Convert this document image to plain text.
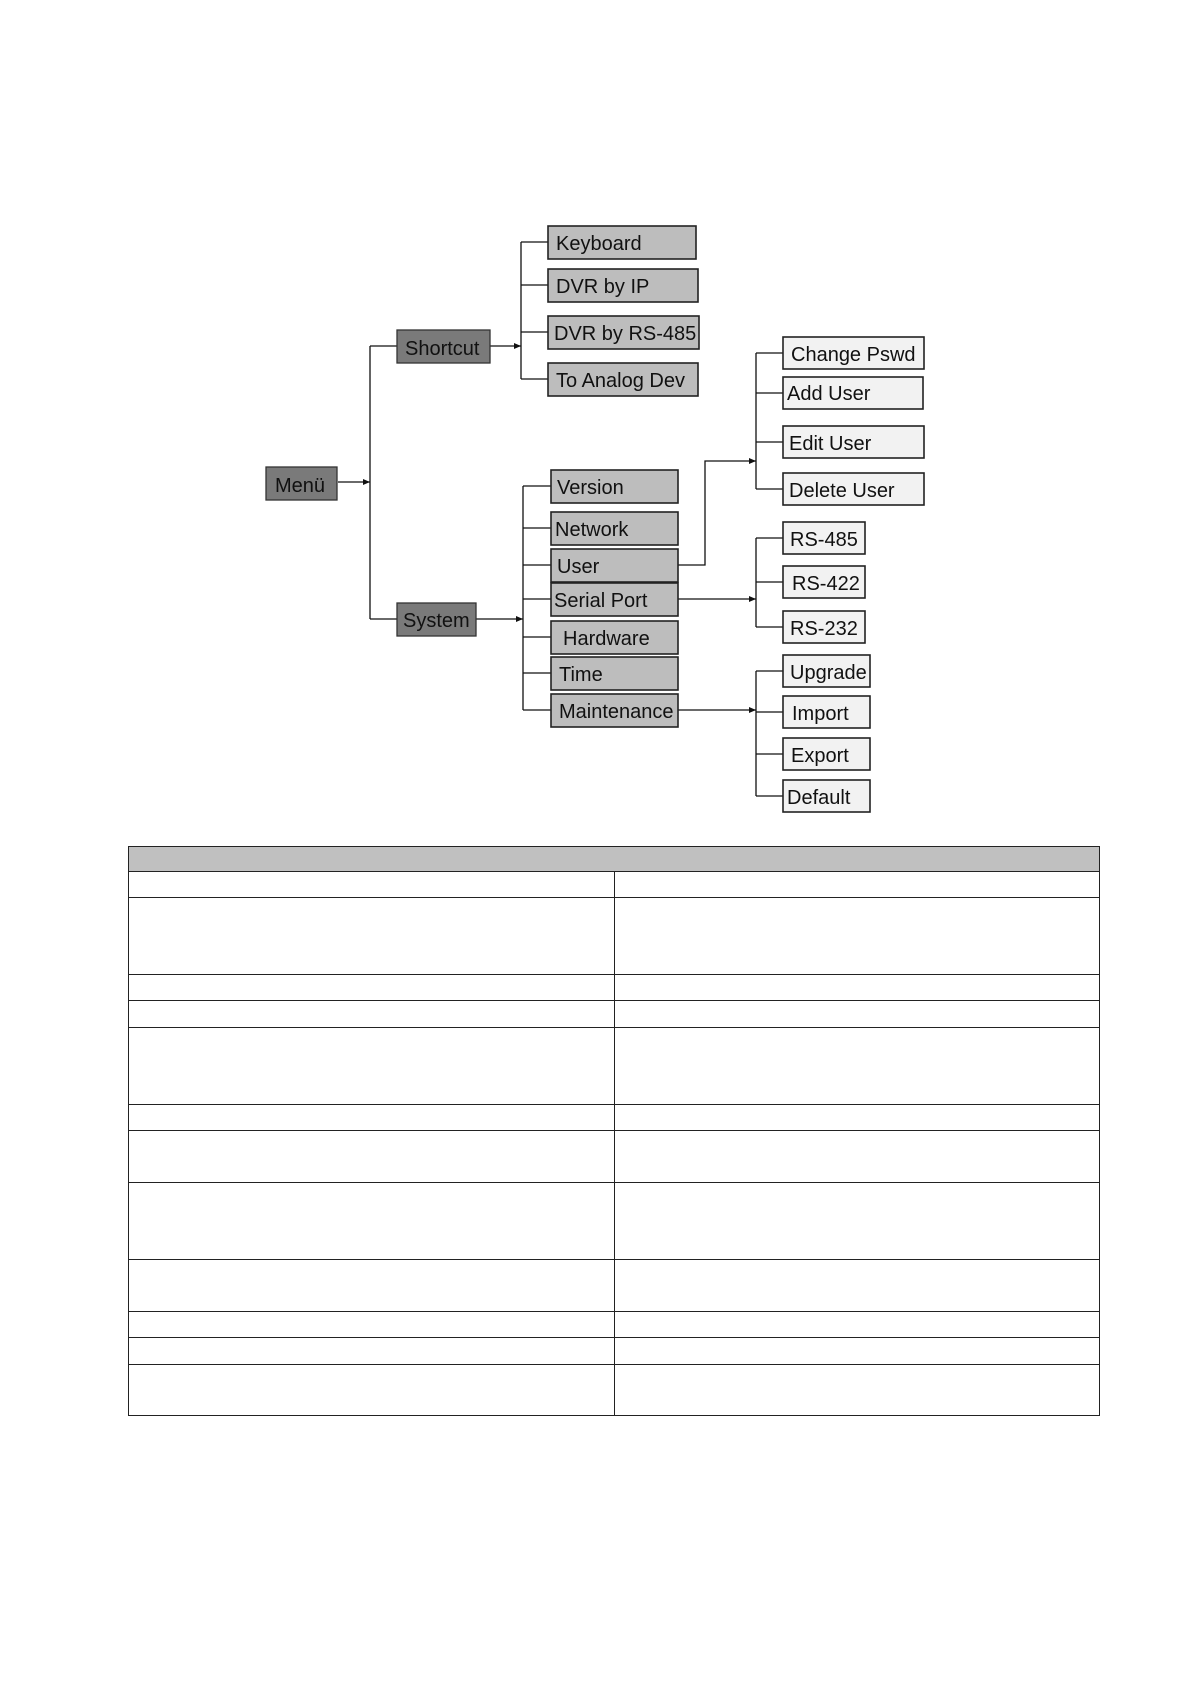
Menü
Shortcut
System
Keyboard
DVR by IP
DVR by RS-485
To Analog Dev
Version
Network
User
Serial Port
Hardware
Time
Maintenance
Change Pswd
Add User
Edit User
Delete User
RS-485
RS-422
RS-232
Upgrade
Import
Export
Default
